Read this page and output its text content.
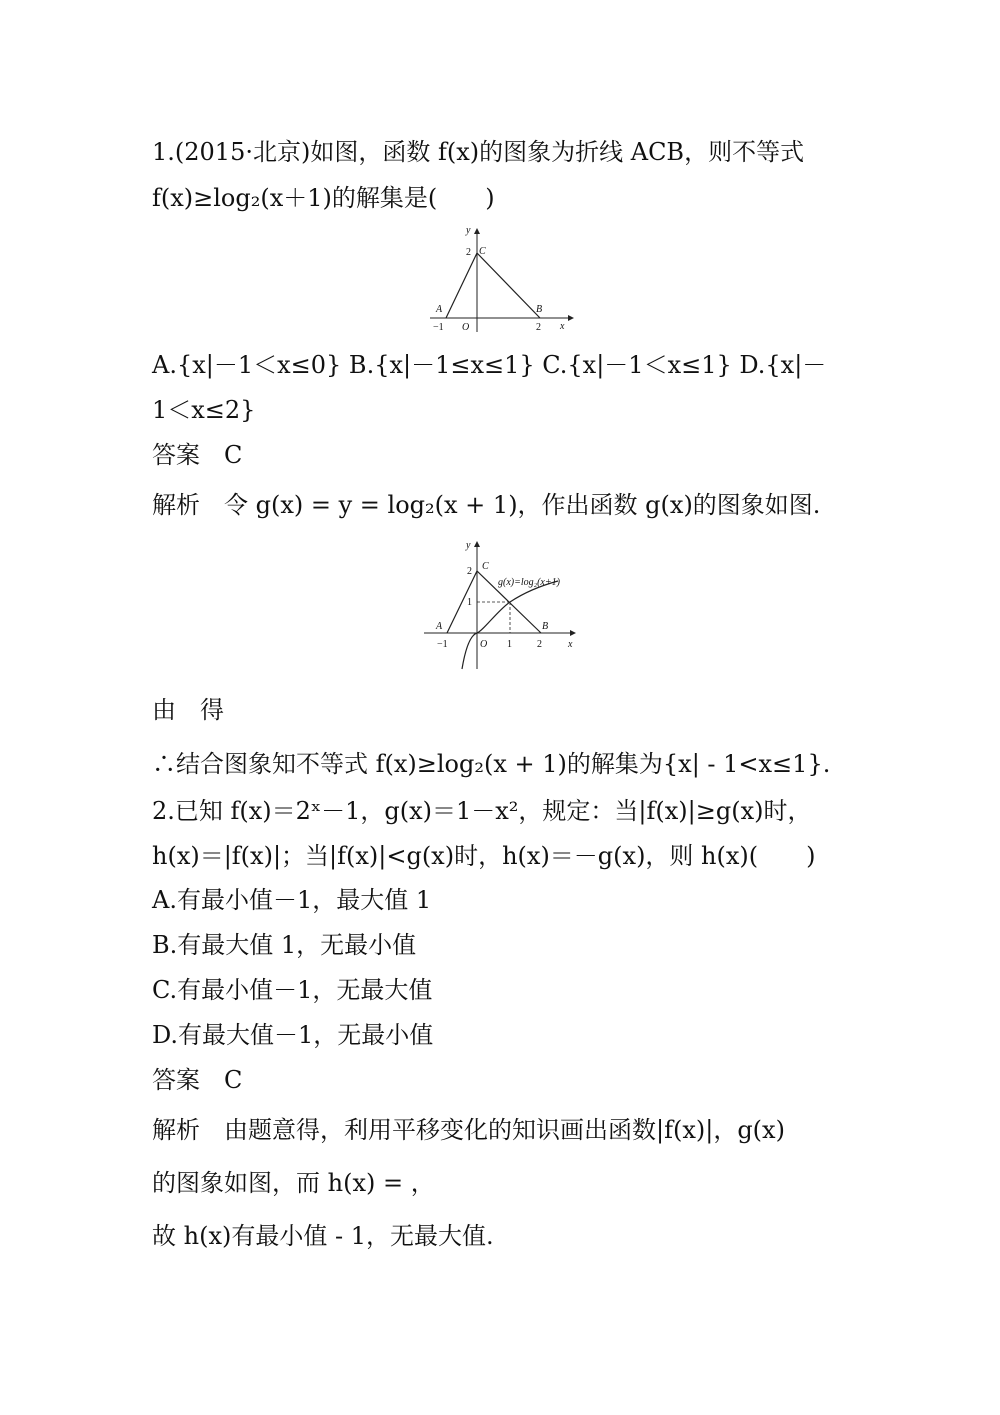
1.(2015·北京)如图，函数 f(x)的图象为折线 ACB，则不等式
f(x)≥log₂(x＋1)的解集是(　　)
y
x
O
A	B
C
−1	2
2
A.{x|－1＜x≤0} B.{x|－1≤x≤1} C.{x|－1＜x≤1} D.{x|－
1＜x≤2}
答案　C
解析　令 g(x) = y = log₂(x + 1)，作出函数 g(x)的图象如图.
y
x
O
A	B
C
−1	1	2
1
2
g(x)=log₂(x+1)
由　得
∴结合图象知不等式 f(x)≥log₂(x + 1)的解集为{x| - 1<x≤1}.
2.已知 f(x)＝2ˣ－1，g(x)＝1－x²，规定：当|f(x)|≥g(x)时，
h(x)＝|f(x)|；当|f(x)|<g(x)时，h(x)＝－g(x)，则 h(x)(　　)
A.有最小值－1，最大值 1
B.有最大值 1，无最小值
C.有最小值－1，无最大值
D.有最大值－1，无最小值
答案　C
解析　由题意得，利用平移变化的知识画出函数|f(x)|，g(x)
的图象如图，而 h(x) = ，
故 h(x)有最小值 - 1，无最大值.
